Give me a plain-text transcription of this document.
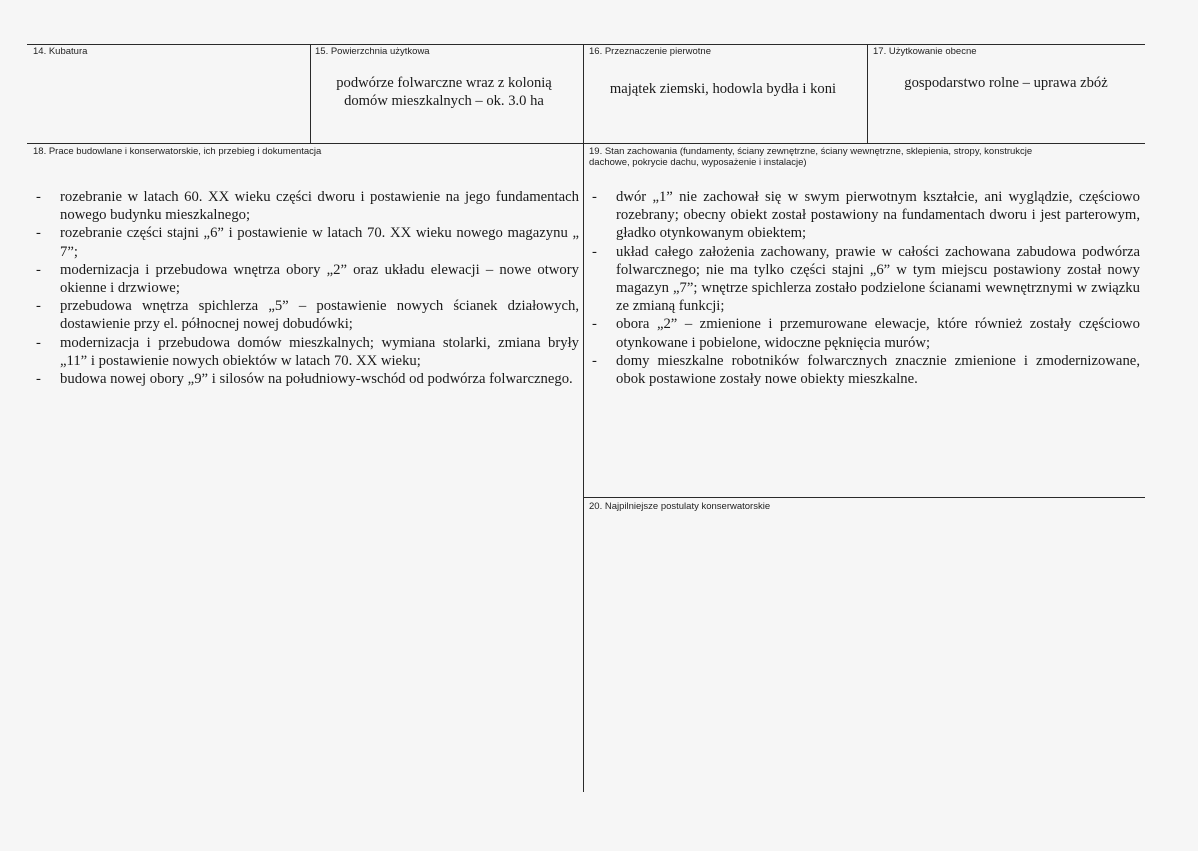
14. Kubatura	15. Powierzchnia użytkowa
podwórze folwarczne wraz z kolonią domów mieszkalnych – ok. 3.0 ha
16. Przeznaczenie pierwotne
majątek ziemski, hodowla bydła i koni
17. Użytkowanie obecne
gospodarstwo rolne – uprawa zbóż
18. Prace budowlane i konserwatorskie, ich przebieg i dokumentacja
- rozebranie w latach 60. XX wieku części dworu i postawienie na jego fundamentach nowego budynku mieszkalnego;
- rozebranie części stajni „6” i postawienie w latach 70. XX wieku nowego magazynu „ 7”;
- modernizacja i przebudowa wnętrza obory „2” oraz układu elewacji – nowe otwory okienne i drzwiowe;
- przebudowa wnętrza spichlerza „5” – postawienie nowych ścianek działowych, dostawienie przy el. północnej nowej dobudówki;
- modernizacja i przebudowa domów mieszkalnych; wymiana stolarki, zmiana bryły „11” i postawienie nowych obiektów w latach 70. XX wieku;
- budowa nowej obory „9” i silosów na południowy-wschód od podwórza folwarcznego.
19. Stan zachowania (fundamenty, ściany zewnętrzne, ściany wewnętrzne, sklepienia, stropy, konstrukcje dachowe, pokrycie dachu, wyposażenie i instalacje)
- dwór „1” nie zachował się w swym pierwotnym kształcie, ani wyglądzie, częściowo rozebrany; obecny obiekt został postawiony na fundamentach dworu i jest parterowym, gładko otynkowanym obiektem;
- układ całego założenia zachowany, prawie w całości zachowana zabudowa podwórza folwarcznego; nie ma tylko części stajni „6” w tym miejscu postawiony został nowy magazyn „7”; wnętrze spichlerza zostało podzielone ścianami wewnętrznymi w związku ze zmianą funkcji;
- obora „2” – zmienione i przemurowane elewacje, które również zostały częściowo otynkowane i pobielone, widoczne pęknięcia murów;
- domy mieszkalne robotników folwarcznych znacznie zmienione i zmodernizowane, obok postawione zostały nowe obiekty mieszkalne.
20. Najpilniejsze postulaty konserwatorskie
